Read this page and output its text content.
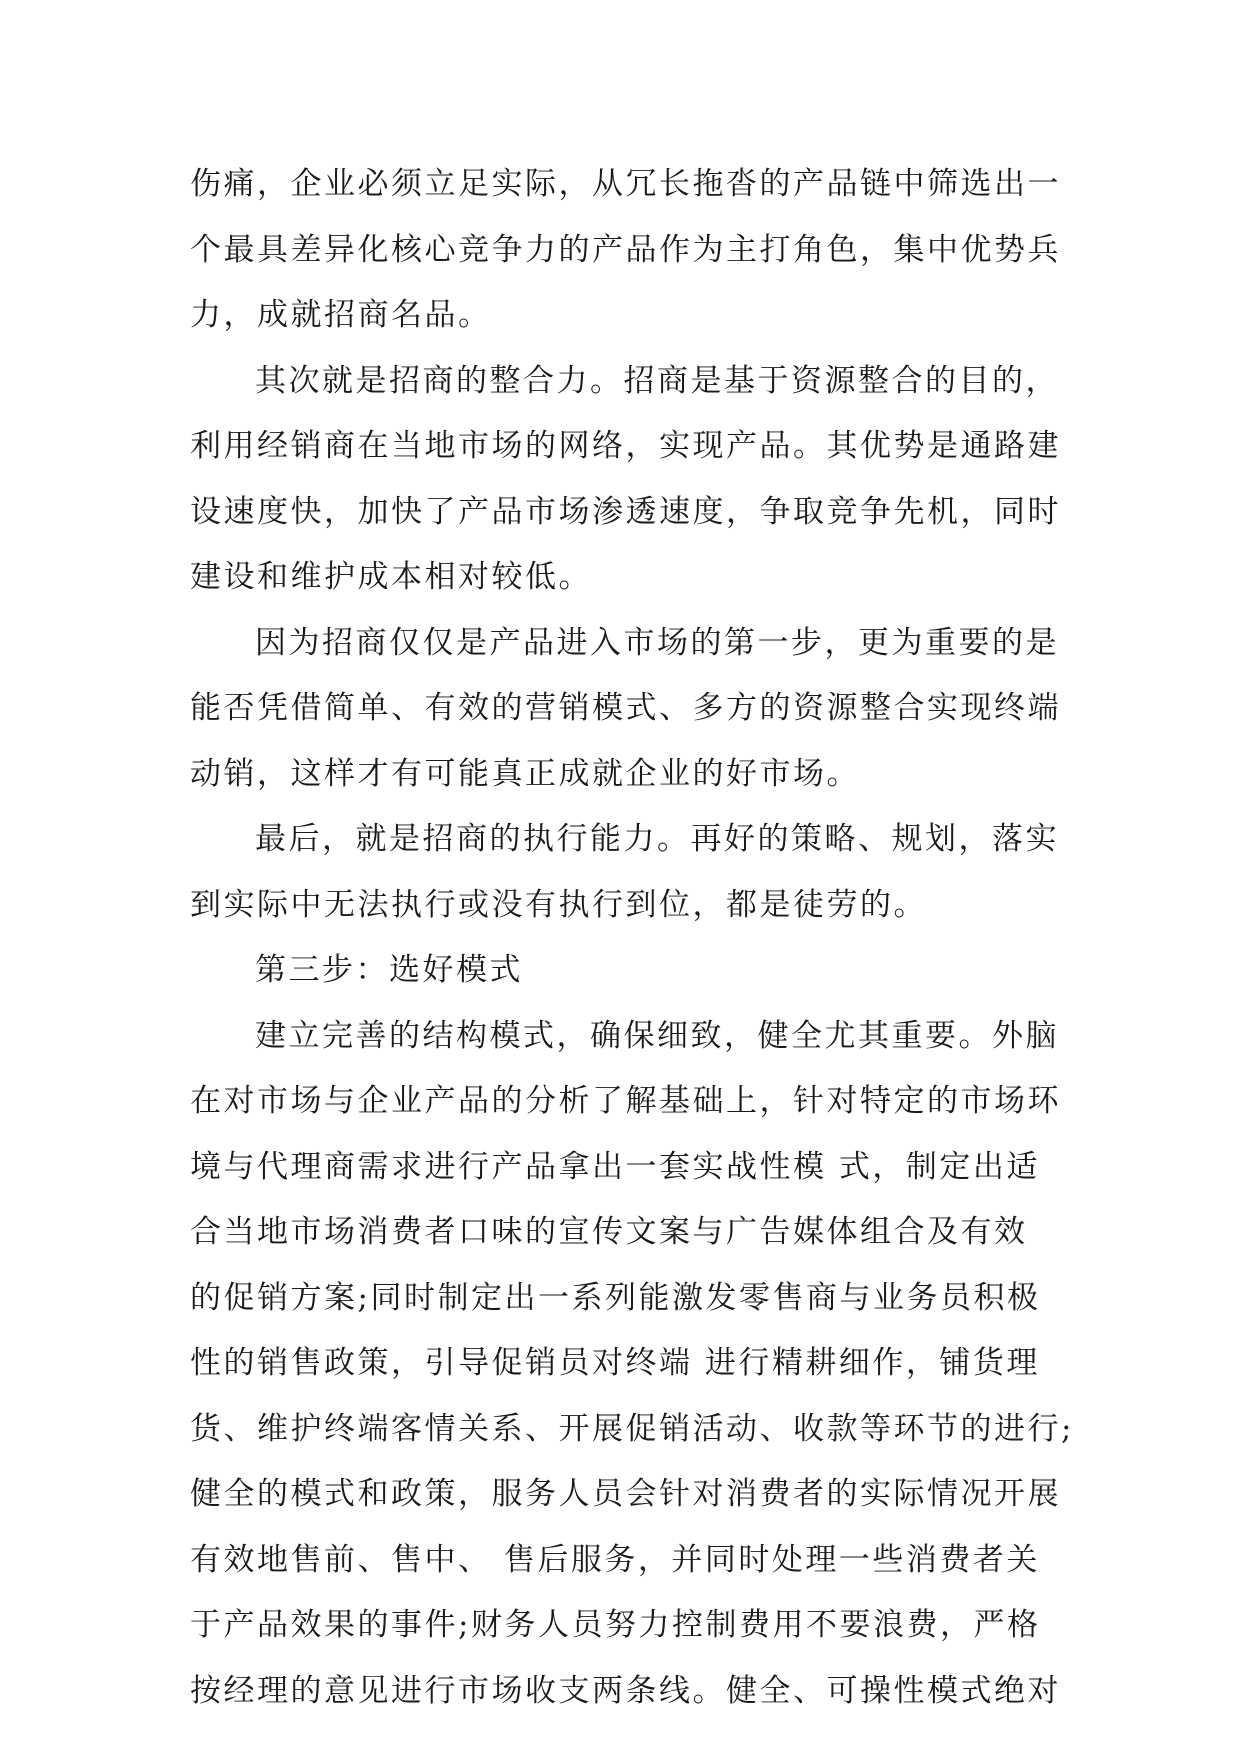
伤痛，企业必须立足实际，从冗长拖沓的产品链中筛选出一
个最具差异化核心竞争力的产品作为主打角色，集中优势兵
力，成就招商名品。
其次就是招商的整合力。招商是基于资源整合的目的，
利用经销商在当地市场的网络，实现产品。其优势是通路建
设速度快，加快了产品市场渗透速度，争取竞争先机，同时
建设和维护成本相对较低。
因为招商仅仅是产品进入市场的第一步，更为重要的是
能否凭借简单、有效的营销模式、多方的资源整合实现终端
动销，这样才有可能真正成就企业的好市场。
最后，就是招商的执行能力。再好的策略、规划，落实
到实际中无法执行或没有执行到位，都是徒劳的。
第三步：选好模式
建立完善的结构模式，确保细致，健全尤其重要。外脑
在对市场与企业产品的分析了解基础上，针对特定的市场环
境与代理商需求进行产品拿出一套实战性模 式，制定出适
合当地市场消费者口味的宣传文案与广告媒体组合及有效
的促销方案;同时制定出一系列能激发零售商与业务员积极
性的销售政策，引导促销员对终端 进行精耕细作，铺货理
货、维护终端客情关系、开展促销活动、收款等环节的进行;
健全的模式和政策，服务人员会针对消费者的实际情况开展
有效地售前、售中、 售后服务，并同时处理一些消费者关
于产品效果的事件;财务人员努力控制费用不要浪费，严格
按经理的意见进行市场收支两条线。健全、可操性模式绝对
